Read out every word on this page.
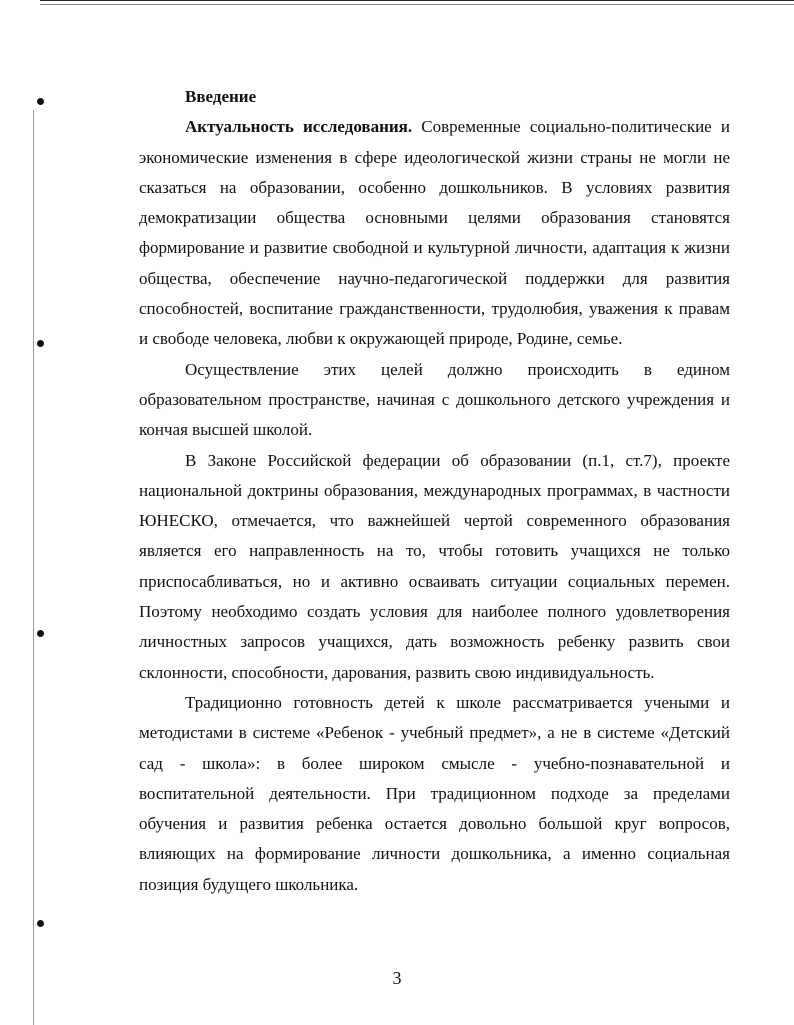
Введение

Актуальность исследования. Современные социально-политические и экономические изменения в сфере идеологической жизни страны не могли не сказаться на образовании, особенно дошкольников. В условиях развития демократизации общества основными целями образования становятся формирование и развитие свободной и культурной личности, адаптация к жизни общества, обеспечение научно-педагогической поддержки для развития способностей, воспитание гражданственности, трудолюбия, уважения к правам и свободе человека, любви к окружающей природе, Родине, семье.

Осуществление этих целей должно происходить в едином образовательном пространстве, начиная с дошкольного детского учреждения и кончая высшей школой.

В Законе Российской федерации об образовании (п.1, ст.7), проекте национальной доктрины образования, международных программах, в частности ЮНЕСКО, отмечается, что важнейшей чертой современного образования является его направленность на то, чтобы готовить учащихся не только приспосабливаться, но и активно осваивать ситуации социальных перемен. Поэтому необходимо создать условия для наиболее полного удовлетворения личностных запросов учащихся, дать возможность ребенку развить свои склонности, способности, дарования, развить свою индивидуальность.

Традиционно готовность детей к школе рассматривается учеными и методистами в системе «Ребенок - учебный предмет», а не в системе «Детский сад - школа»: в более широком смысле - учебно-познавательной и воспитательной деятельности. При традиционном подходе за пределами обучения и развития ребенка остается довольно большой круг вопросов, влияющих на формирование личности дошкольника, а именно социальная позиция будущего школьника.

3
